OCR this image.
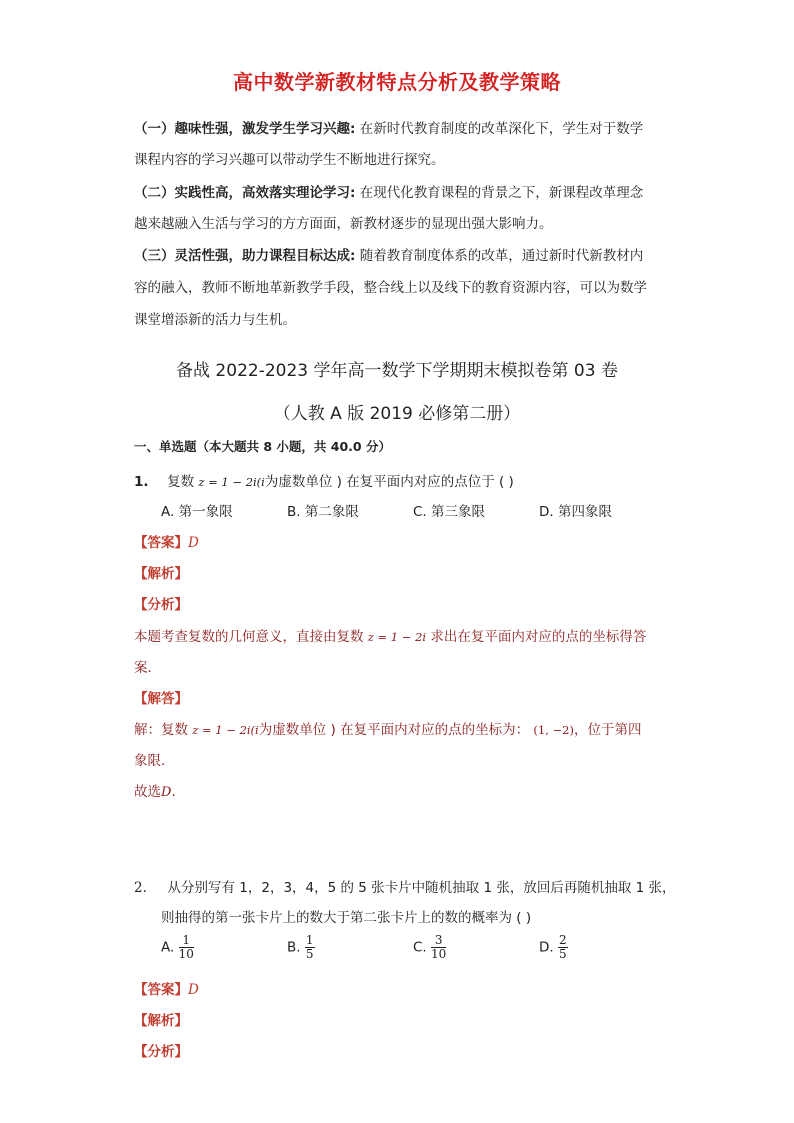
高中数学新教材特点分析及教学策略
（一）趣味性强，激发学生学习兴趣: 在新时代教育制度的改革深化下，学生对于数学
课程内容的学习兴趣可以带动学生不断地进行探究。
（二）实践性高，高效落实理论学习: 在现代化教育课程的背景之下，新课程改革理念
越来越融入生活与学习的方方面面，新教材逐步的显现出强大影响力。
（三）灵活性强，助力课程目标达成: 随着教育制度体系的改革，通过新时代新教材内
容的融入，教师不断地革新教学手段，整合线上以及线下的教育资源内容，可以为数学
课堂增添新的活力与生机。
备战 2022-2023 学年高一数学下学期期末模拟卷第 03 卷
（人教 A 版 2019 必修第二册）
一、单选题（本大题共 8 小题，共 40.0 分）
1. 复数 z = 1 − 2i(i为虚数单位 ) 在复平面内对应的点位于 ( )
A. 第一象限	B. 第二象限	C. 第三象限	D. 第四象限
【答案】D
【解析】
【分析】
本题考查复数的几何意义，直接由复数 z = 1 − 2i 求出在复平面内对应的点的坐标得答
案．
【解答】
解：复数 z = 1 − 2i(i为虚数单位 ) 在复平面内对应的点的坐标为： (1, −2)，位于第四
象限．
故选D．
2. 从分别写有 1，2，3，4，5 的 5 张卡片中随机抽取 1 张，放回后再随机抽取 1 张，
则抽得的第一张卡片上的数大于第二张卡片上的数的概率为 ( )
A. $\frac{1}{10}$	B. $\frac{1}{5}$	C. $\frac{3}{10}$	D. $\frac{2}{5}$
【答案】D
【解析】
【分析】
